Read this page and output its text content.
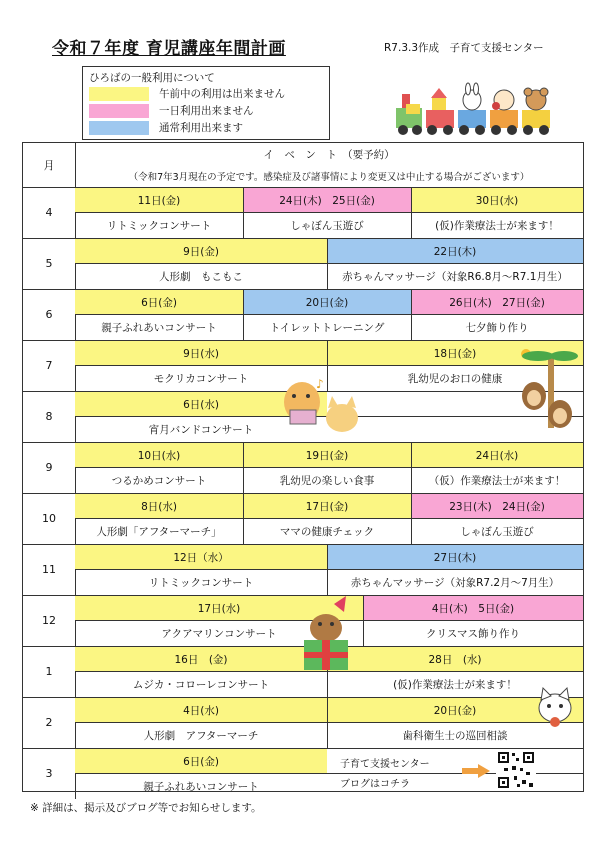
令和７年度 育児講座年間計画	R7.3.3作成　子育て支援センター
ひろばの一般利用について
午前中の利用は出来ません
一日利用出来ません
通常利用出来ます
月
イ　ベ　ン　ト　（要予約）
（令和7年3月現在の予定です。感染症及び諸事情により変更又は中止する場合がございます）
4
11日(金)
リトミックコンサート
24日(木)　25日(金)
しゃぼん玉遊び
30日(水)
(仮)作業療法士が来ます！
5
9日(金)
人形劇　もこもこ
22日(木)
赤ちゃんマッサージ（対象R6.8月～R7.1月生）
6
6日(金)
親子ふれあいコンサート
20日(金)
トイレットトレーニング
26日(木)　27日(金)
七夕飾り作り
7
9日(水)
モクリカコンサート
18日(金)
乳幼児のお口の健康
8
6日(水)
宵月バンドコンサート
9
10日(水)
つるかめコンサート
19日(金)
乳幼児の楽しい食事
24日(水)
（仮）作業療法士が来ます！
10
8日(水)
人形劇「アフターマーチ」
17日(金)
ママの健康チェック
23日(木)　24日(金)
しゃぼん玉遊び
11
12日（水）
リトミックコンサート
27日(木)
赤ちゃんマッサージ（対象R7.2月～7月生）
12
17日(水)
アクアマリンコンサート
4日(木)　5日(金)
クリスマス飾り作り
1
16日　(金)
ムジカ・コローレコンサート
28日　(水)
(仮)作業療法士が来ます！
2
4日(水)
人形劇　アフターマーチ
20日(金)
歯科衛生士の巡回相談
3
6日(金)
親子ふれあいコンサート
♪
子育て支援センター
ブログはコチラ
※ 詳細は、掲示及びブログ等でお知らせします。
